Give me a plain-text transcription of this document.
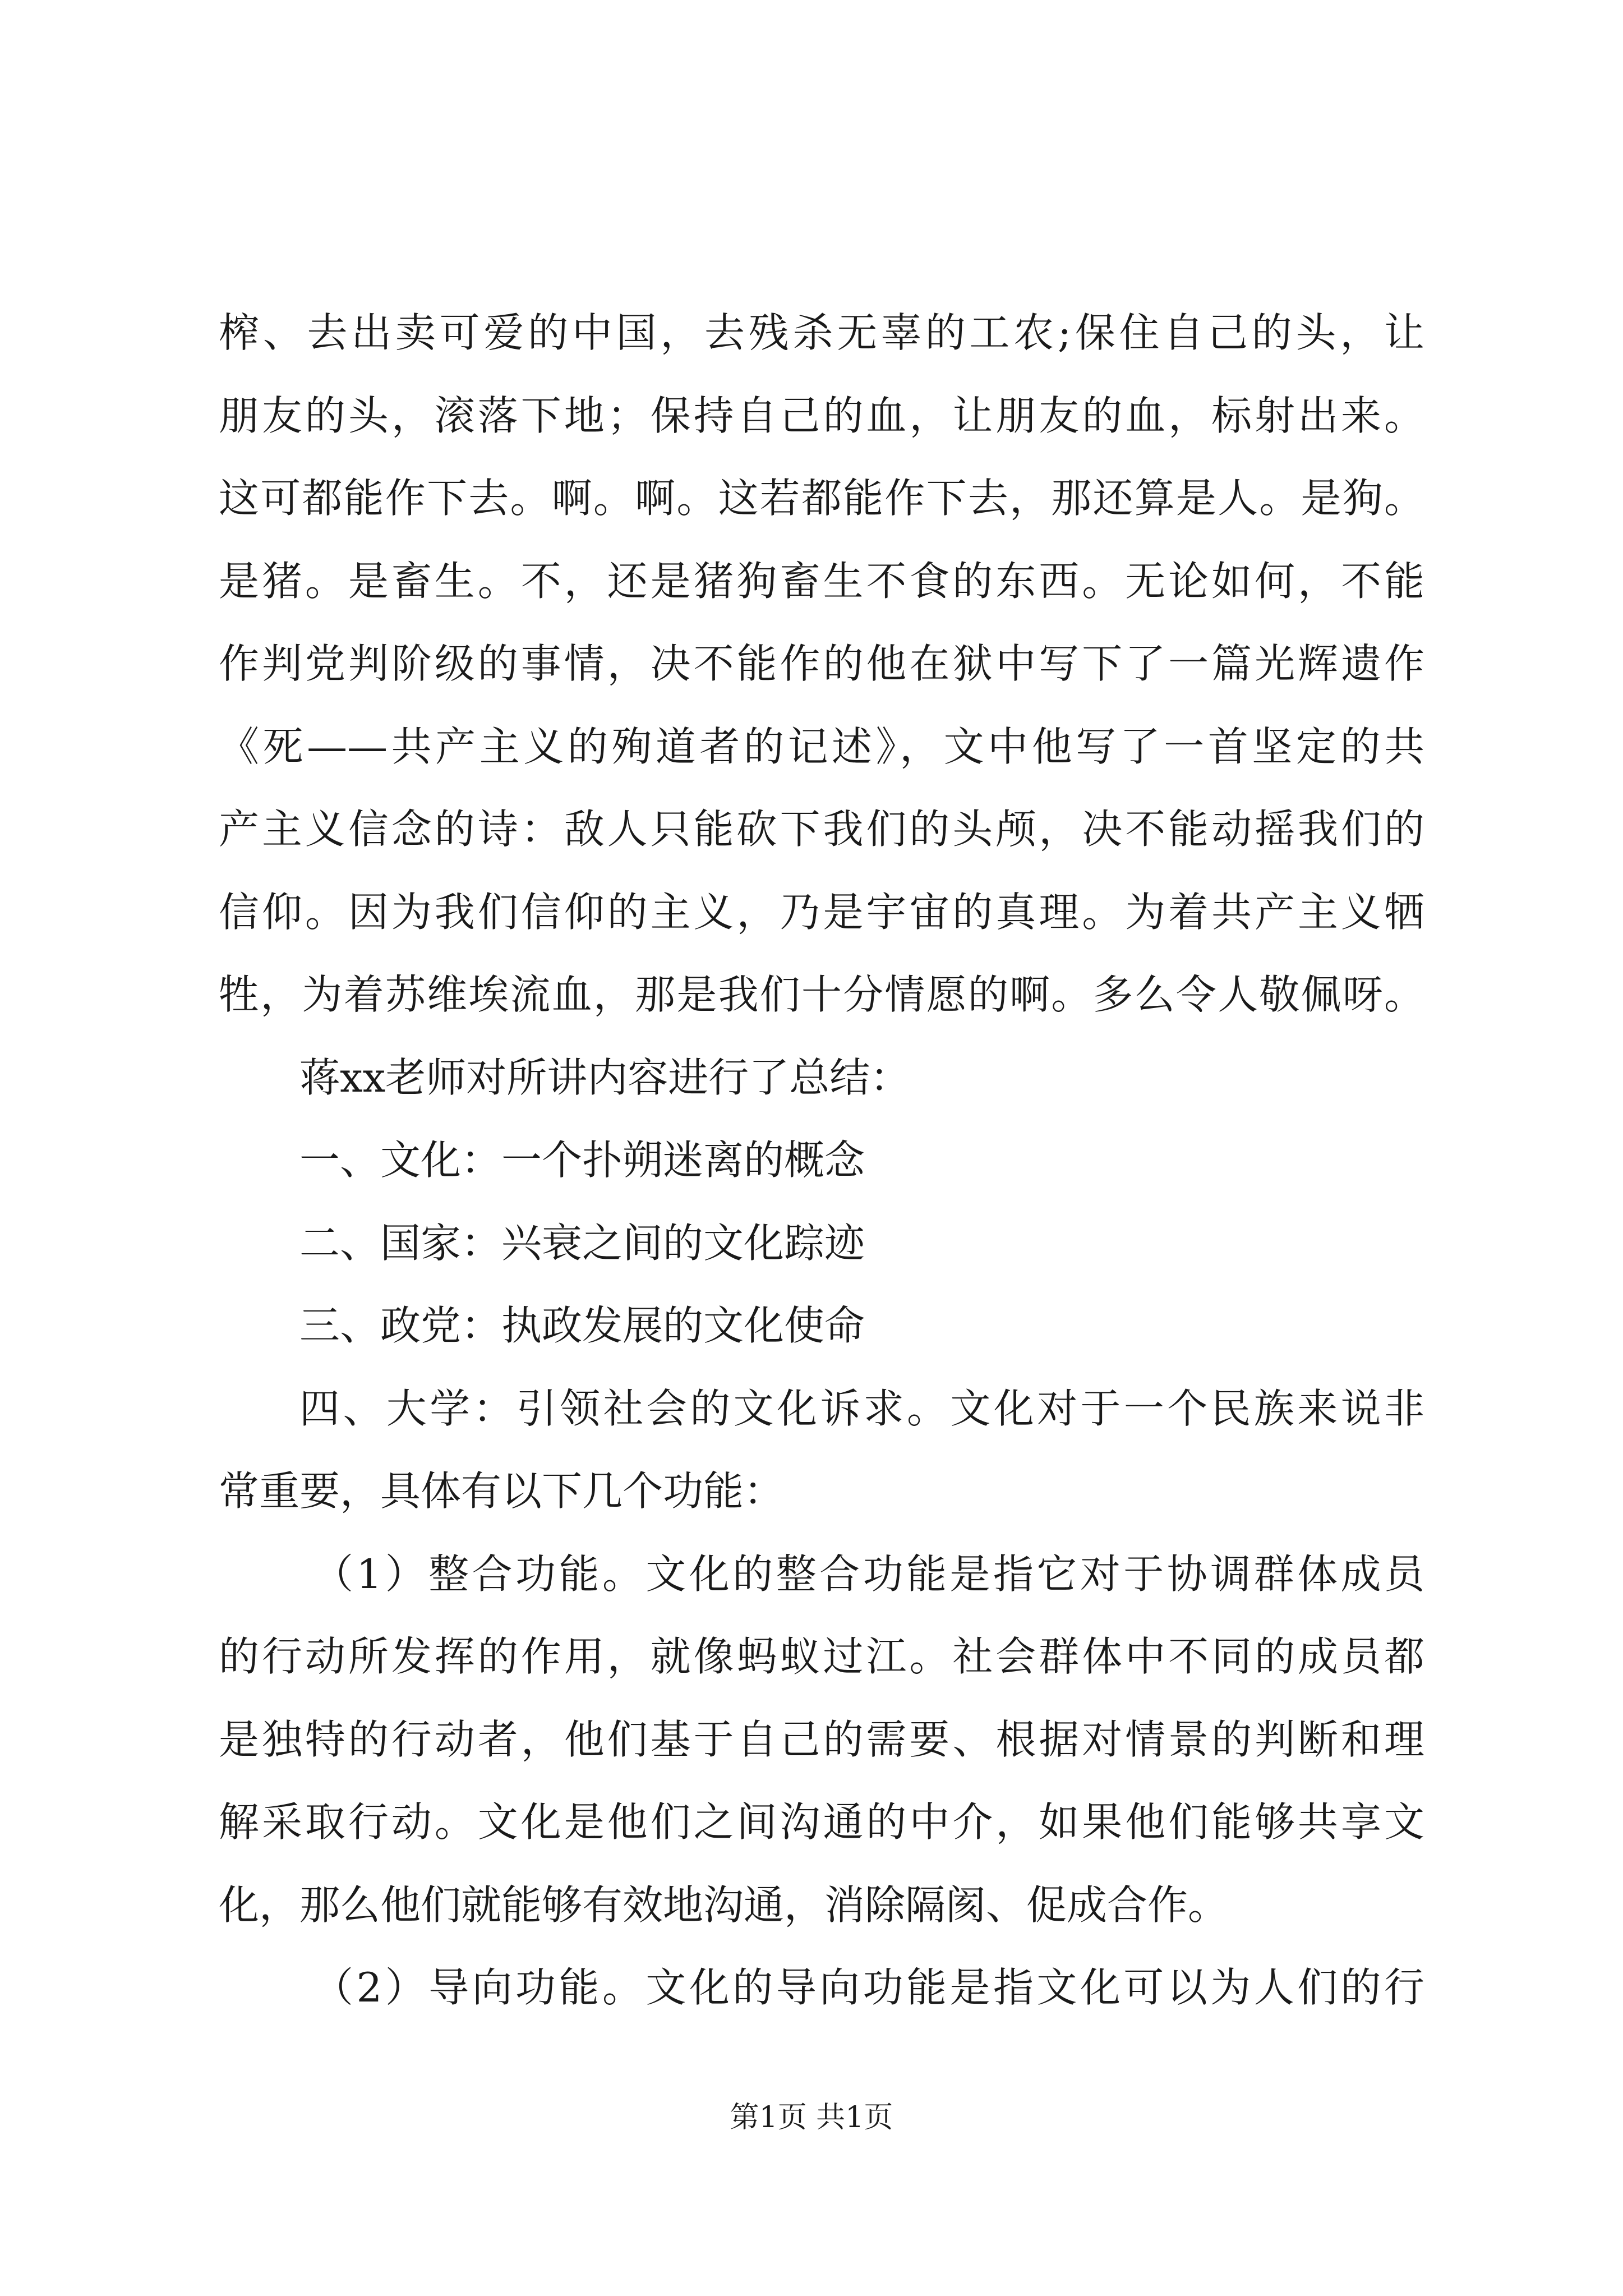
榨、去出卖可爱的中国，去残杀无辜的工农;保住自己的头，让
朋友的头，滚落下地；保持自己的血，让朋友的血，标射出来。
这可都能作下去。啊。啊。这若都能作下去，那还算是人。是狗。
是猪。是畜生。不，还是猪狗畜生不食的东西。无论如何，不能
作判党判阶级的事情，决不能作的他在狱中写下了一篇光辉遗作
《死——共产主义的殉道者的记述》，文中他写了一首坚定的共
产主义信念的诗：敌人只能砍下我们的头颅，决不能动摇我们的
信仰。因为我们信仰的主义，乃是宇宙的真理。为着共产主义牺
牲，为着苏维埃流血，那是我们十分情愿的啊。多么令人敬佩呀。
蒋xx老师对所讲内容进行了总结：
一、文化：一个扑朔迷离的概念
二、国家：兴衰之间的文化踪迹
三、政党：执政发展的文化使命
四、大学：引领社会的文化诉求。文化对于一个民族来说非
常重要，具体有以下几个功能：
（1）整合功能。文化的整合功能是指它对于协调群体成员
的行动所发挥的作用，就像蚂蚁过江。社会群体中不同的成员都
是独特的行动者，他们基于自己的需要、根据对情景的判断和理
解采取行动。文化是他们之间沟通的中介，如果他们能够共享文
化，那么他们就能够有效地沟通，消除隔阂、促成合作。
（2）导向功能。文化的导向功能是指文化可以为人们的行
第1页 共1页
